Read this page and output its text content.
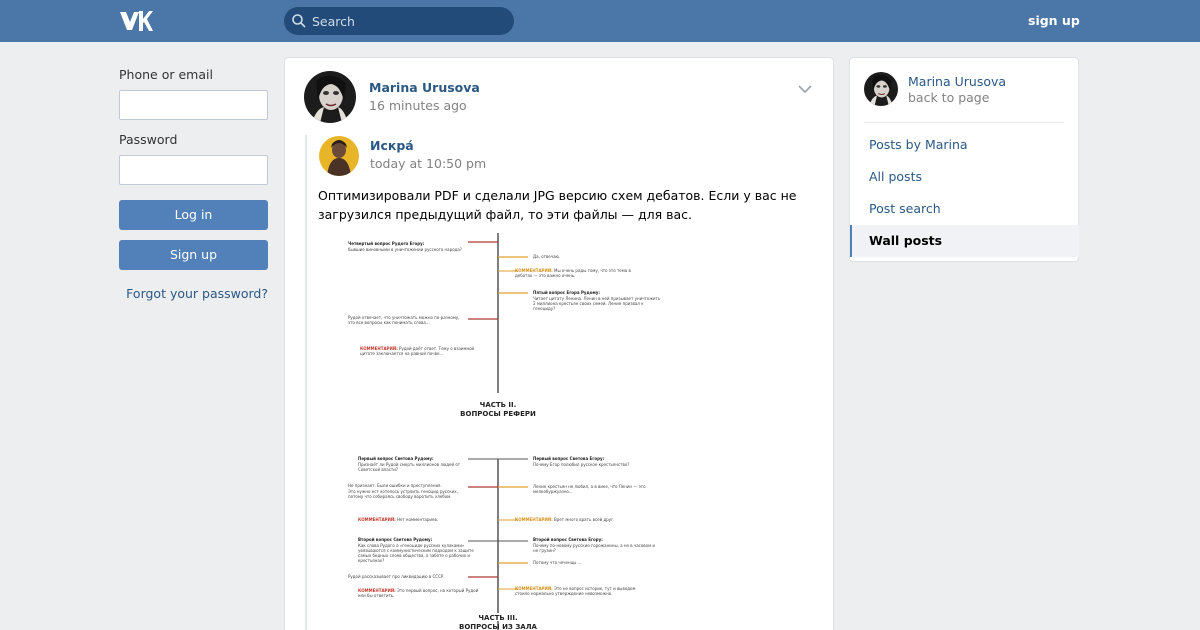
Search
sign up
Phone or email
Password
Log in
Sign up
Forgot your password?
Marina Urusova
16 minutes ago
Искра́
today at 10:50 pm
Оптимизировали PDF и сделали JPG версию схем дебатов. Если у вас не загрузился предыдущий файл, то эти файлы — для вас.
Четвертый вопрос Рудого Егору:
бывшие виновными в уничтожении русского народа?
Да, отвечаю.
КОММЕНТАРИЙ: Мы очень рады тому, что это тема в дебатах — это важно очень.
Пятый вопрос Егора Рудому:
Читает цитату Ленина. Ленин в ней призывает уничтожить 2 миллиона крестьян своих семей. Ленин призвал к геноциду?
Рудой отвечает, что уничтожать можно по-разному, это все вопросы как понимать слова...
КОММЕНТАРИЙ: Рудой даёт ответ. Тему о взаимной цитате заключается на равной почве...
ЧАСТЬ II.
ВОПРОСЫ РЕФЕРИ
Первый вопрос Светова Рудому:
Признаёт ли Рудой смерть миллионов людей от Советской власти?
Первый вопрос Светова Егору:
Почему Егор полюбил русское крестьянство?
Не признает. Были ошибки и преступления.
Это нужно ест хотелось устроить геноцид русских, потому что собираясь свободу воротить хлебом.
Ленин крестьян не любил, а в вике, что Ленин — это мелкобуржуазно...
КОММЕНТАРИЙ: Нет комментариев.	КОММЕНТАРИЙ: Врет много врать всей друг.
Второй вопрос Светова Рудому:
Как слова Рудого о «геноциде русских кулаками» увязываются с коммунистическим подходом к защите самых бедных слоев общества, о заботе о рабочих и крестьянах?
Второй вопрос Светова Егору:
Почему по-новому русские горожанины, а не в часовом и не грузин?
Потому что чеченцы ...
Рудой рассказывает про ликвидацию в СССР.
КОММЕНТАРИЙ: Это первый вопрос, на который Рудой или бы ответить.
КОММЕНТАРИЙ: Это не вопрос историк, тут и выводом стоило нормально утверждение невозможно.
ЧАСТЬ III.
ВОПРОСЫ ИЗ ЗАЛА
Marina Urusova
back to page
Posts by Marina
All posts
Post search
Wall posts
